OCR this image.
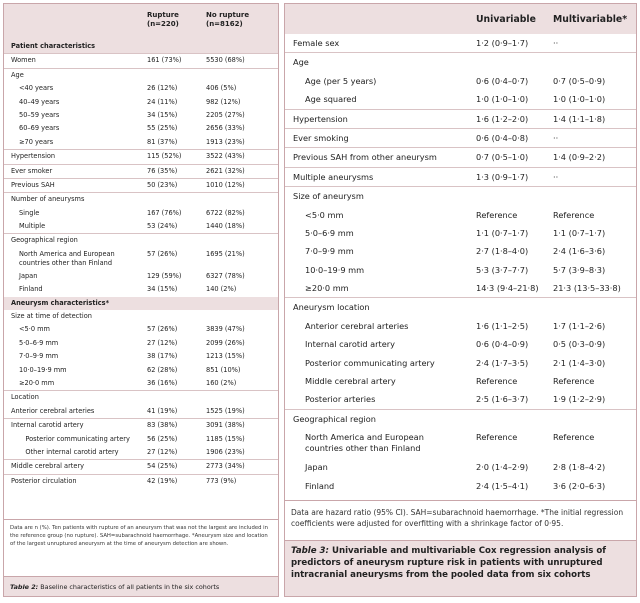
Rupture
(n=220)
No rupture
(n=8162)
Patient characteristics
Women	161 (73%)	5530 (68%)
Age
<40 years	26 (12%)	406 (5%)
40–49 years	24 (11%)	982 (12%)
50–59 years	34 (15%)	2205 (27%)
60–69 years	55 (25%)	2656 (33%)
≥70 years	81 (37%)	1913 (23%)
Hypertension	115 (52%)	3522 (43%)
Ever smoker	76 (35%)	2621 (32%)
Previous SAH	50 (23%)	1010 (12%)
Number of aneurysms
Single	167 (76%)	6722 (82%)
Multiple	53 (24%)	1440 (18%)
Geographical region
North America and European
countries other than Finland
57 (26%)	1695 (21%)
Japan	129 (59%)	6327 (78%)
Finland	34 (15%)	140 (2%)
Aneurysm characteristics*
Size at time of detection
<5·0 mm	57 (26%)	3839 (47%)
5·0–6·9 mm	27 (12%)	2099 (26%)
7·0–9·9 mm	38 (17%)	1213 (15%)
10·0–19·9 mm	62 (28%)	851 (10%)
≥20·0 mm	36 (16%)	160 (2%)
Location
Anterior cerebral arteries	41 (19%)	1525 (19%)
Internal carotid artery	83 (38%)	3091 (38%)
Posterior communicating artery	56 (25%)	1185 (15%)
Other internal carotid artery	27 (12%)	1906 (23%)
Middle cerebral artery	54 (25%)	2773 (34%)
Posterior circulation	42 (19%)	773 (9%)
Data are n (%). Ten patients with rupture of an aneurysm that was not the largest are included in the reference group (no rupture). SAH=subarachnoid haemorrhage. *Aneurysm size and location of the largest unruptured aneurysm at the time of aneurysm detection are shown.
Table 2: Baseline characteristics of all patients in the six cohorts
Univariable Multivariable*
Female sex	1·2 (0·9–1·7)	··
Age
Age (per 5 years)	0·6 (0·4–0·7)	0·7 (0·5–0·9)
Age squared	1·0 (1·0–1·0)	1·0 (1·0–1·0)
Hypertension	1·6 (1·2–2·0)	1·4 (1·1–1·8)
Ever smoking	0·6 (0·4–0·8)	··
Previous SAH from other aneurysm	0·7 (0·5–1·0)	1·4 (0·9–2·2)
Multiple aneurysms	1·3 (0·9–1·7)	··
Size of aneurysm
<5·0 mm	Reference	Reference
5·0–6·9 mm	1·1 (0·7–1·7)	1·1 (0·7–1·7)
7·0–9·9 mm	2·7 (1·8–4·0)	2·4 (1·6–3·6)
10·0–19·9 mm	5·3 (3·7–7·7)	5·7 (3·9–8·3)
≥20·0 mm	14·3 (9·4–21·8) 21·3 (13·5–33·8)
Aneurysm location
Anterior cerebral arteries	1·6 (1·1–2·5)	1·7 (1·1–2·6)
Internal carotid artery	0·6 (0·4–0·9)	0·5 (0·3–0·9)
Posterior communicating artery	2·4 (1·7–3·5)	2·1 (1·4–3·0)
Middle cerebral artery	Reference	Reference
Posterior arteries	2·5 (1·6–3·7)	1·9 (1·2–2·9)
Geographical region
North America and European countries other than Finland
Reference	Reference
Japan	2·0 (1·4–2·9)	2·8 (1·8–4·2)
Finland	2·4 (1·5–4·1)	3·6 (2·0–6·3)
Data are hazard ratio (95% CI). SAH=subarachnoid haemorrhage. *The initial regression coefficients were adjusted for overfitting with a shrinkage factor of 0·95.
Table 3: Univariable and multivariable Cox regression analysis of predictors of aneurysm rupture risk in patients with unruptured intracranial aneurysms from the pooled data from six cohorts
